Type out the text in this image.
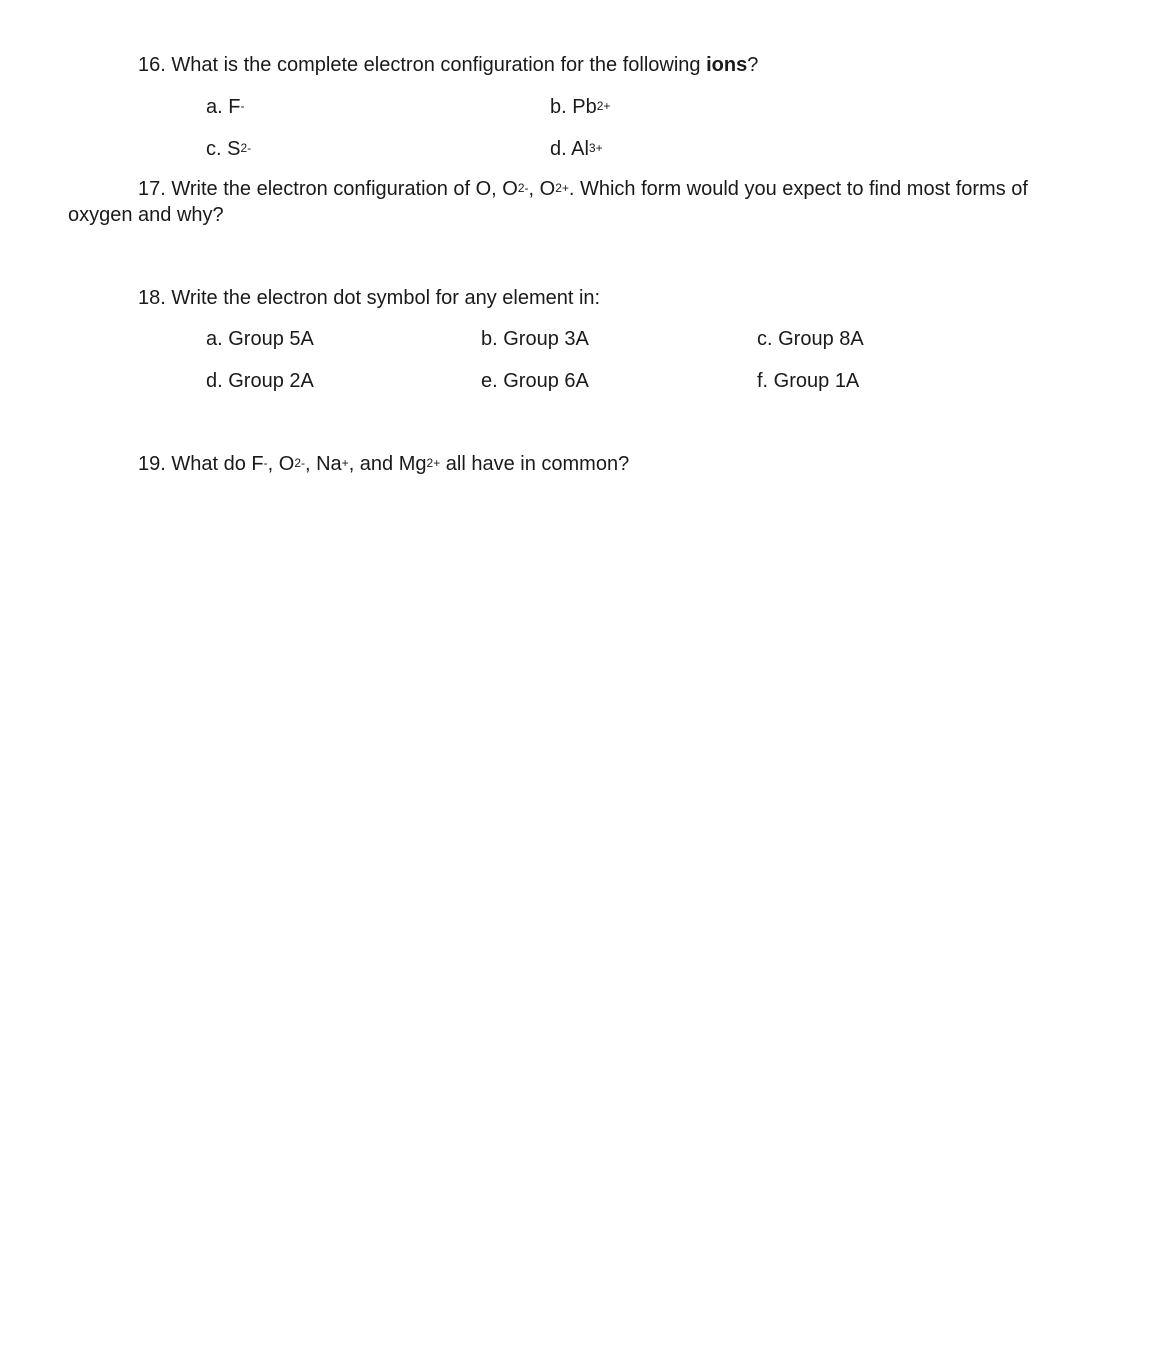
16. What is the complete electron configuration for the following ions?
a. F-	b. $Pb^{2+}$
c. $S^{2-}$	d. $Al^{3+}$
17. Write the electron configuration of O, $O^{2-}$, $O^{2+}$. Which form would you expect to find most forms of
oxygen and why?
18. Write the electron dot symbol for any element in:
a. Group 5A	b. Group 3A	c. Group 8A
d. Group 2A	e. Group 6A	f. Group 1A
19. What do F-, $O^{2-}$, Na+, and $Mg^{2+}$ all have in common?
